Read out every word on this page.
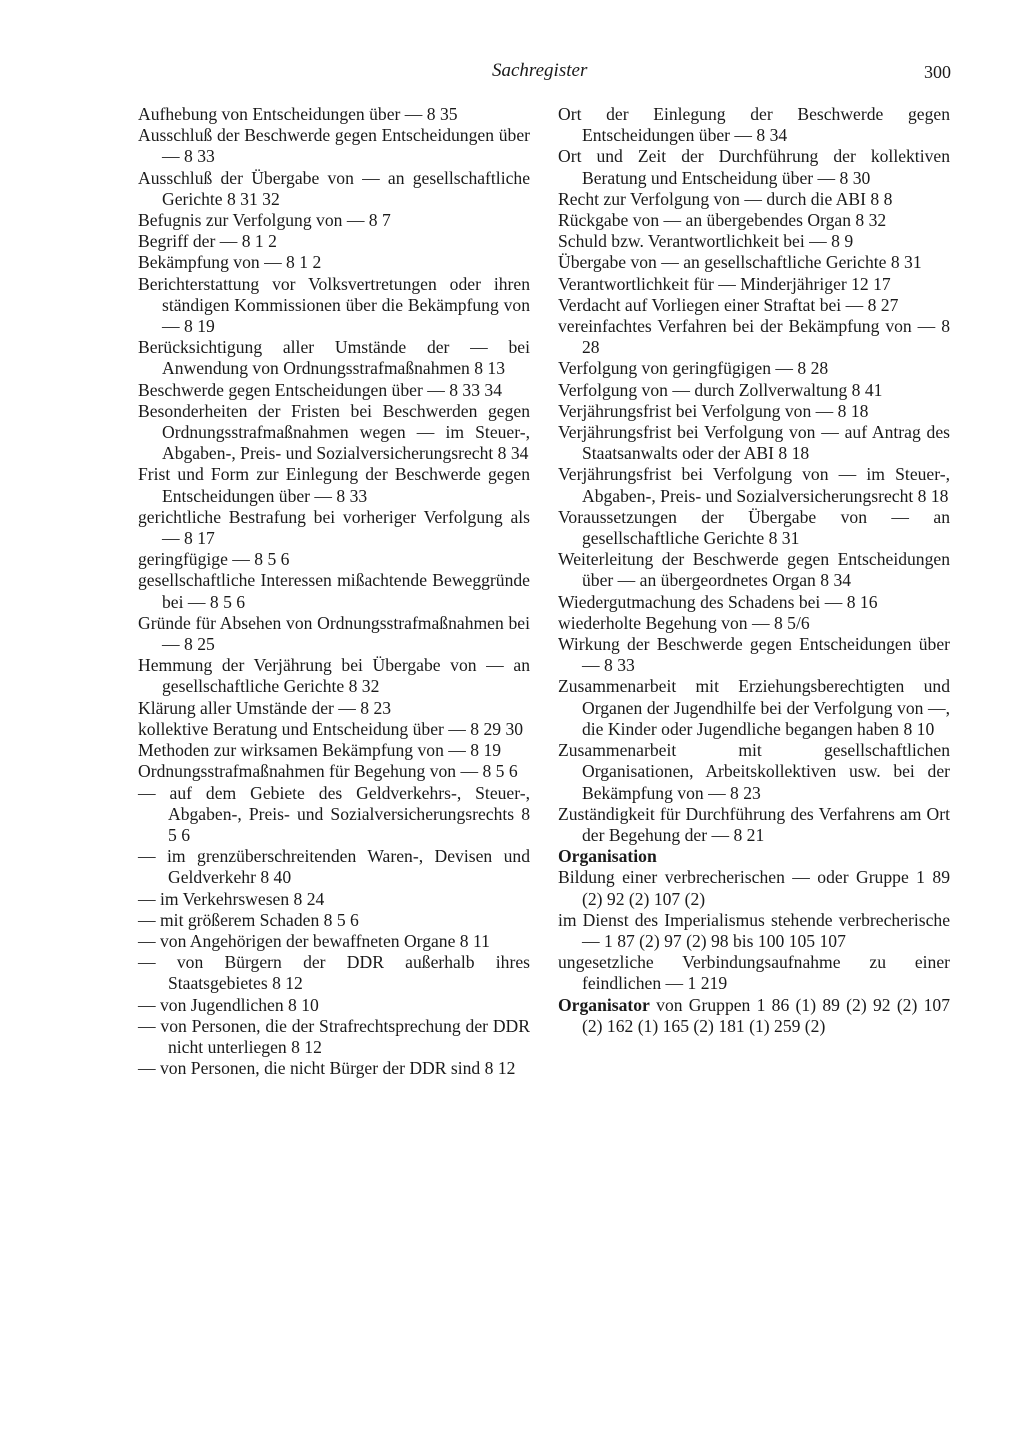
Sachregister	300

Aufhebung von Entscheidungen über — 8 35

Ausschluß der Beschwerde gegen Entscheidungen über — 8 33

Ausschluß der Übergabe von — an gesellschaftliche Gerichte 8 31 32

Befugnis zur Verfolgung von — 8 7

Begriff der — 8 1 2

Bekämpfung von — 8 1 2

Berichterstattung vor Volksvertretungen oder ihren ständigen Kommissionen über die Bekämpfung von — 8 19

Berücksichtigung aller Umstände der — bei Anwendung von Ordnungsstrafmaßnahmen 8 13

Beschwerde gegen Entscheidungen über — 8 33 34

Besonderheiten der Fristen bei Beschwerden gegen Ordnungsstrafmaßnahmen wegen — im Steuer-, Abgaben-, Preis- und Sozialversicherungsrecht 8 34

Frist und Form zur Einlegung der Beschwerde gegen Entscheidungen über — 8 33

gerichtliche Bestrafung bei vorheriger Verfolgung als — 8 17

geringfügige — 8 5 6

gesellschaftliche Interessen mißachtende Beweggründe bei — 8 5 6

Gründe für Absehen von Ordnungsstrafmaßnahmen bei — 8 25

Hemmung der Verjährung bei Übergabe von — an gesellschaftliche Gerichte 8 32

Klärung aller Umstände der — 8 23

kollektive Beratung und Entscheidung über — 8 29 30

Methoden zur wirksamen Bekämpfung von — 8 19

Ordnungsstrafmaßnahmen für Begehung von — 8 5 6

— auf dem Gebiete des Geldverkehrs-, Steuer-, Abgaben-, Preis- und Sozialversicherungsrechts 8 5 6

— im grenzüberschreitenden Waren-, Devisen und Geldverkehr 8 40

— im Verkehrswesen 8 24

— mit größerem Schaden 8 5 6

— von Angehörigen der bewaffneten Organe 8 11

— von Bürgern der DDR außerhalb ihres Staatsgebietes 8 12

— von Jugendlichen 8 10

— von Personen, die der Strafrechtsprechung der DDR nicht unterliegen 8 12

— von Personen, die nicht Bürger der DDR sind 8 12

Ort der Einlegung der Beschwerde gegen Entscheidungen über — 8 34

Ort und Zeit der Durchführung der kollektiven Beratung und Entscheidung über — 8 30

Recht zur Verfolgung von — durch die ABI 8 8

Rückgabe von — an übergebendes Organ 8 32

Schuld bzw. Verantwortlichkeit bei — 8 9

Übergabe von — an gesellschaftliche Gerichte 8 31

Verantwortlichkeit für — Minderjähriger 12 17

Verdacht auf Vorliegen einer Straftat bei — 8 27

vereinfachtes Verfahren bei der Bekämpfung von — 8 28

Verfolgung von geringfügigen — 8 28

Verfolgung von — durch Zollverwaltung 8 41

Verjährungsfrist bei Verfolgung von — 8 18

Verjährungsfrist bei Verfolgung von — auf Antrag des Staatsanwalts oder der ABI 8 18

Verjährungsfrist bei Verfolgung von — im Steuer-, Abgaben-, Preis- und Sozialversicherungsrecht 8 18

Voraussetzungen der Übergabe von — an gesellschaftliche Gerichte 8 31

Weiterleitung der Beschwerde gegen Entscheidungen über — an übergeordnetes Organ 8 34

Wiedergutmachung des Schadens bei — 8 16

wiederholte Begehung von — 8 5/6

Wirkung der Beschwerde gegen Entscheidungen über — 8 33

Zusammenarbeit mit Erziehungsberechtigten und Organen der Jugendhilfe bei der Verfolgung von —, die Kinder oder Jugendliche begangen haben 8 10

Zusammenarbeit mit gesellschaftlichen Organisationen, Arbeitskollektiven usw. bei der Bekämpfung von — 8 23

Zuständigkeit für Durchführung des Verfahrens am Ort der Begehung der — 8 21

Organisation

Bildung einer verbrecherischen — oder Gruppe 1 89 (2) 92 (2) 107 (2)

im Dienst des Imperialismus stehende verbrecherische — 1 87 (2) 97 (2) 98 bis 100 105 107

ungesetzliche Verbindungsaufnahme zu einer feindlichen — 1 219

Organisator von Gruppen 1 86 (1) 89 (2) 92 (2) 107 (2) 162 (1) 165 (2) 181 (1) 259 (2)
